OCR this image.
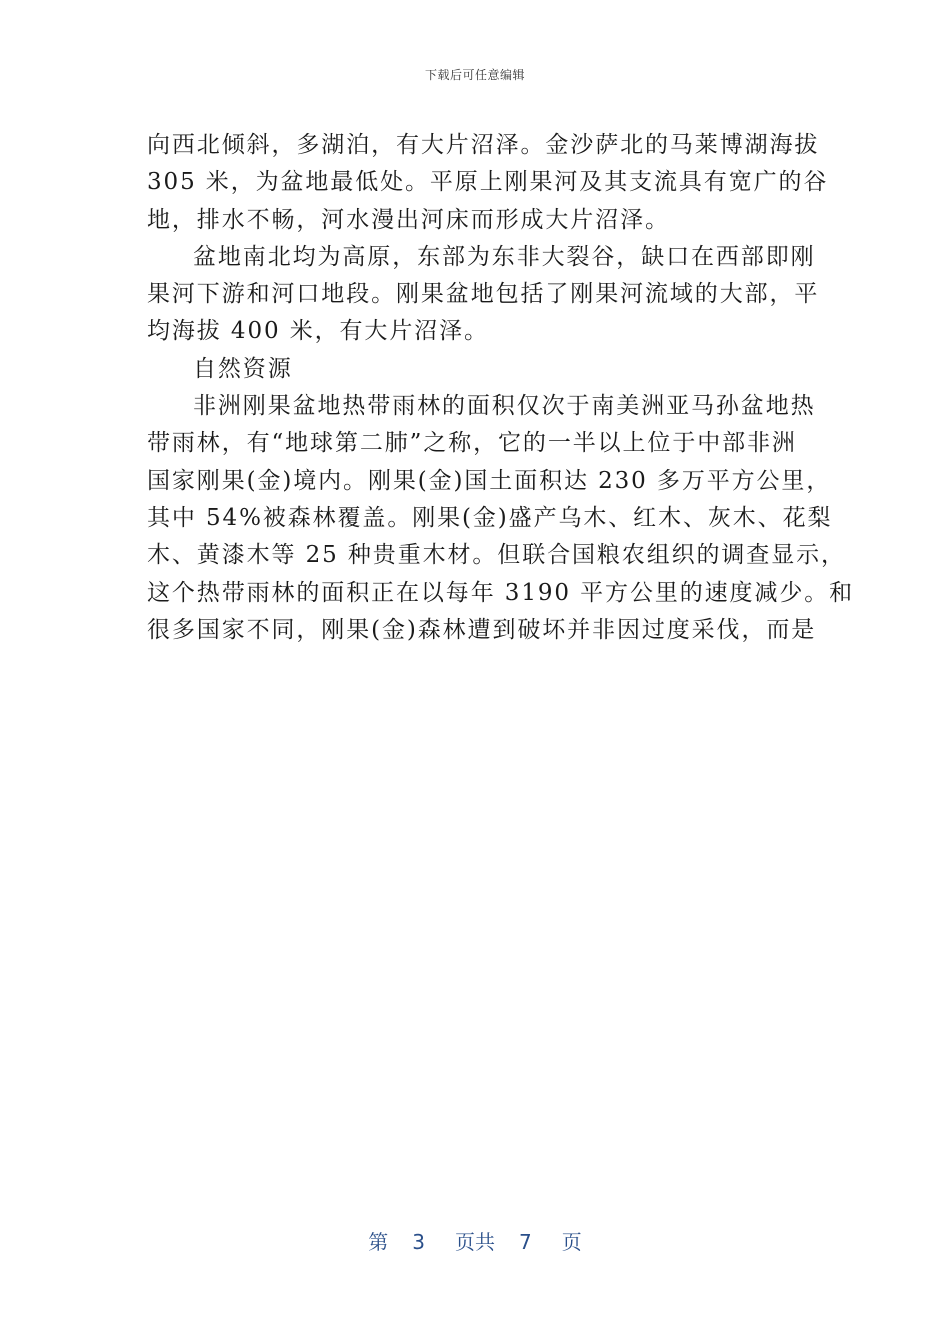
下载后可任意编辑
向西北倾斜，多湖泊，有大片沼泽。金沙萨北的马莱博湖海拔
305 米，为盆地最低处。平原上刚果河及其支流具有宽广的谷
地，排水不畅，河水漫出河床而形成大片沼泽。
盆地南北均为高原，东部为东非大裂谷，缺口在西部即刚
果河下游和河口地段。刚果盆地包括了刚果河流域的大部，平
均海拔 400 米，有大片沼泽。
自然资源
非洲刚果盆地热带雨林的面积仅次于南美洲亚马孙盆地热
带雨林，有“地球第二肺”之称，它的一半以上位于中部非洲
国家刚果(金)境内。刚果(金)国土面积达 230 多万平方公里，
其中 54%被森林覆盖。刚果(金)盛产乌木、红木、灰木、花梨
木、黄漆木等 25 种贵重木材。但联合国粮农组织的调查显示，
这个热带雨林的面积正在以每年 3190 平方公里的速度减少。和
很多国家不同，刚果(金)森林遭到破坏并非因过度采伐，而是
第 3 页共 7 页
